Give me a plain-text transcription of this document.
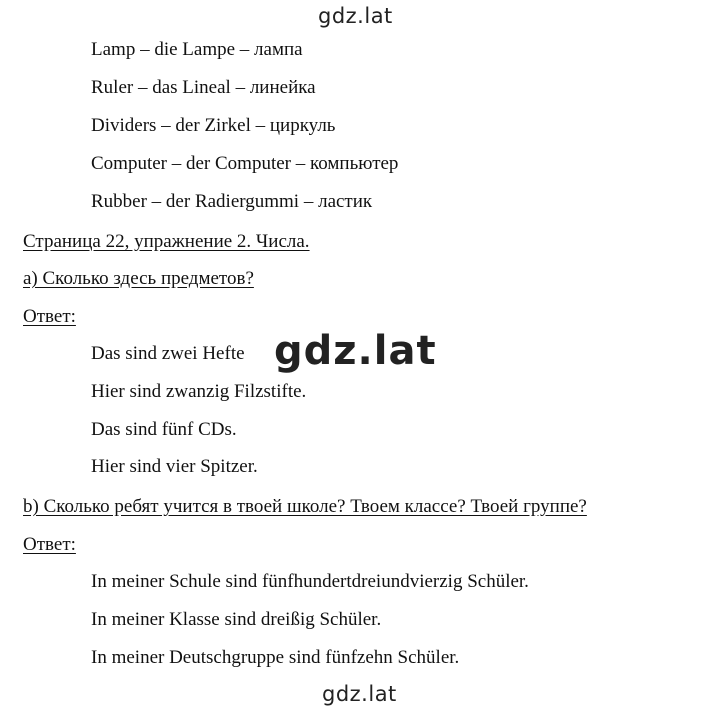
gdz.lat
Lamp – die Lampe – лампа
Ruler – das Lineal – линейка
Dividers – der Zirkel – циркуль
Computer – der Computer – компьютер
Rubber – der Radiergummi – ластик
Страница 22, упражнение 2. Числа.
a) Сколько здесь предметов?
Ответ:
Das sind zwei Hefte gdz.lat
Hier sind zwanzig Filzstifte.
Das sind fünf CDs.
Hier sind vier Spitzer.
b) Сколько ребят учится в твоей школе? Твоем классе? Твоей группе?
Ответ:
In meiner Schule sind fünfhundertdreiundvierzig Schüler.
In meiner Klasse sind dreißig Schüler.
In meiner Deutschgruppe sind fünfzehn Schüler.
gdz.lat
